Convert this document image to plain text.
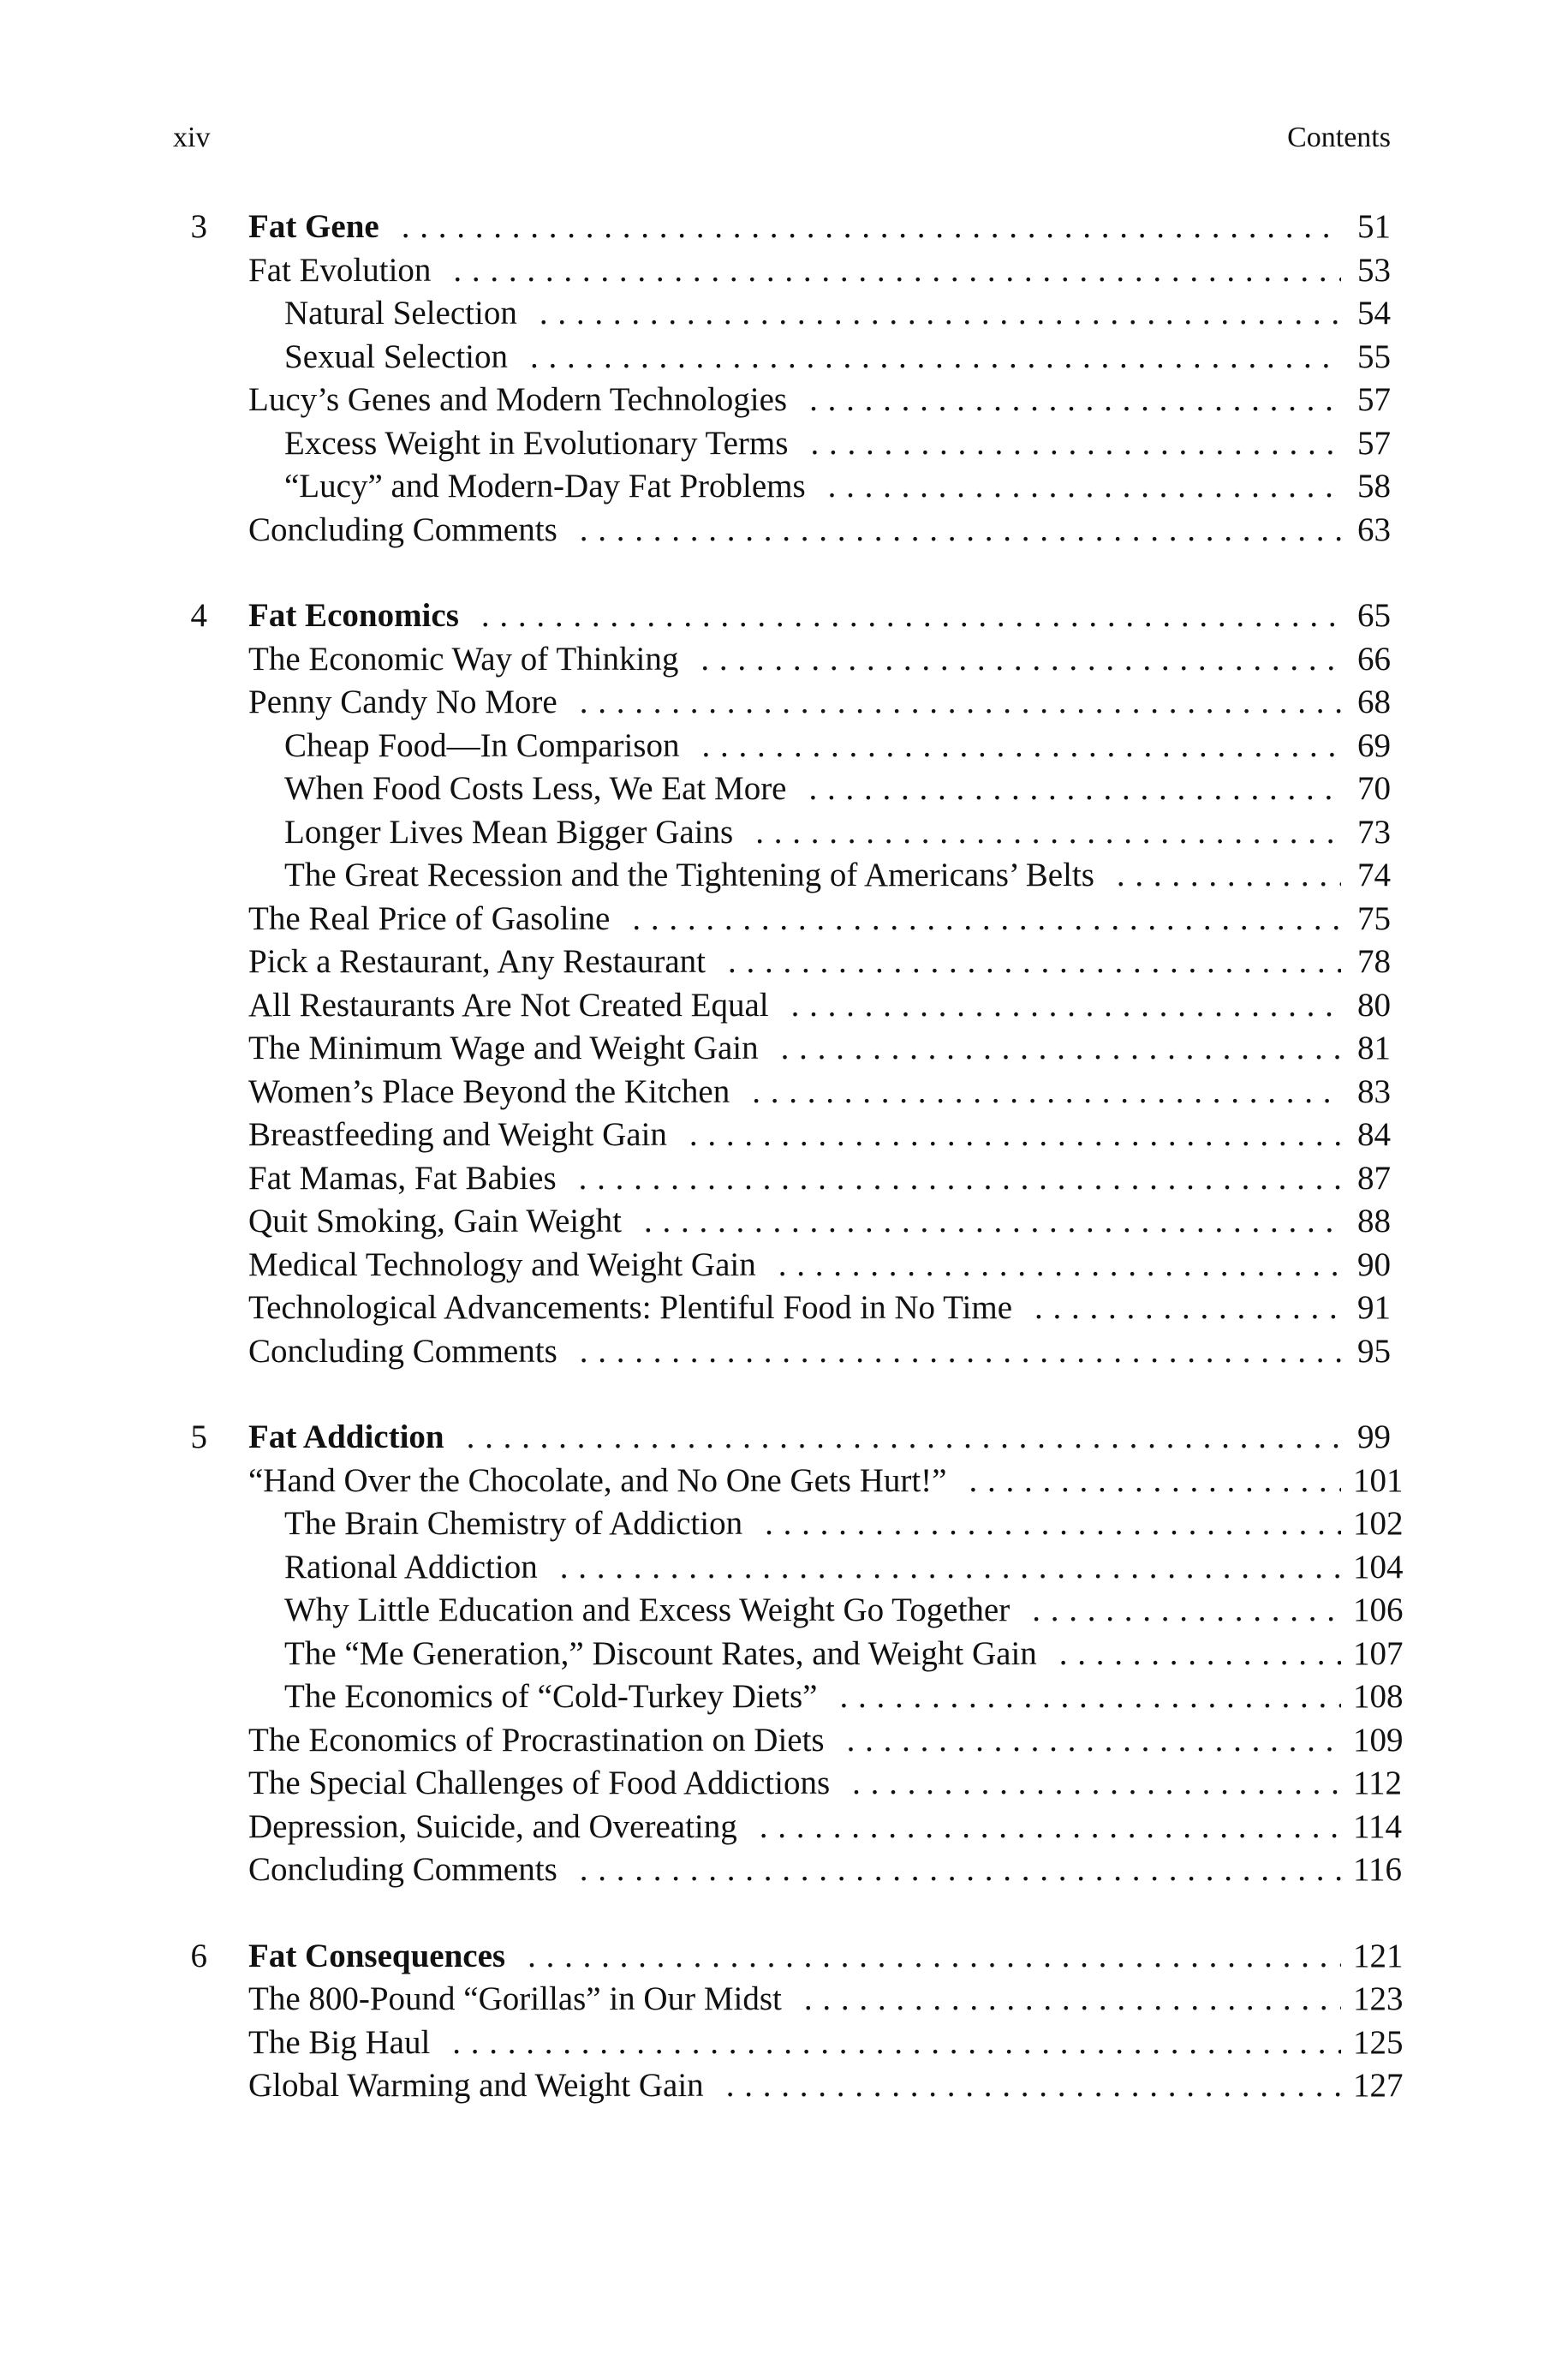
xiv	Contents
3 Fat Gene . . .	51
Fat Evolution . . .	53
Natural Selection . . .	54
Sexual Selection . . .	55
Lucy’s Genes and Modern Technologies . . .	57
Excess Weight in Evolutionary Terms . . .	57
“Lucy” and Modern-Day Fat Problems . . .	58
Concluding Comments . . .	63
4 Fat Economics . . .	65
The Economic Way of Thinking . . .	66
Penny Candy No More . . .	68
Cheap Food—In Comparison . . .	69
When Food Costs Less, We Eat More . . .	70
Longer Lives Mean Bigger Gains . . .	73
The Great Recession and the Tightening of Americans’ Belts . . .	74
The Real Price of Gasoline . . .	75
Pick a Restaurant, Any Restaurant . . .	78
All Restaurants Are Not Created Equal . . .	80
The Minimum Wage and Weight Gain . . .	81
Women’s Place Beyond the Kitchen . . .	83
Breastfeeding and Weight Gain . . .	84
Fat Mamas, Fat Babies . . .	87
Quit Smoking, Gain Weight . . .	88
Medical Technology and Weight Gain . . .	90
Technological Advancements: Plentiful Food in No Time . . .	91
Concluding Comments . . .	95
5 Fat Addiction . . .	99
“Hand Over the Chocolate, and No One Gets Hurt!” . . .	101
The Brain Chemistry of Addiction . . .	102
Rational Addiction . . .	104
Why Little Education and Excess Weight Go Together . . .	106
The “Me Generation,” Discount Rates, and Weight Gain . . .	107
The Economics of “Cold-Turkey Diets” . . .	108
The Economics of Procrastination on Diets . . .	109
The Special Challenges of Food Addictions . . .	112
Depression, Suicide, and Overeating . . .	114
Concluding Comments . . .	116
6 Fat Consequences . . .	121
The 800-Pound “Gorillas” in Our Midst . . .	123
The Big Haul . . .	125
Global Warming and Weight Gain . . .	127
